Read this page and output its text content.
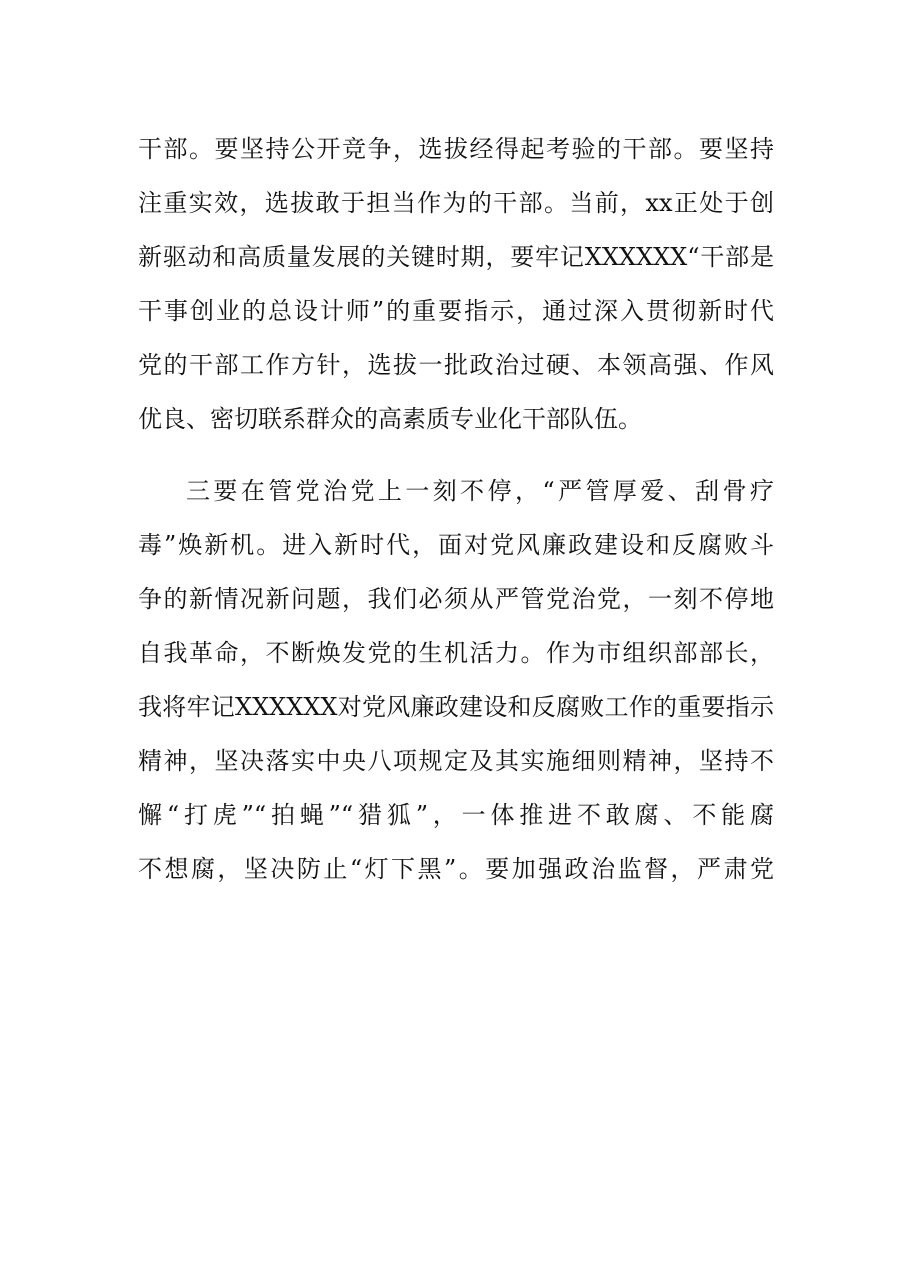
干部。要坚持公开竞争，选拔经得起考验的干部。要坚持
注重实效，选拔敢于担当作为的干部。当前，xx正处于创
新驱动和高质量发展的关键时期，要牢记XXXXXX“干部是
干事创业的总设计师”的重要指示，通过深入贯彻新时代
党的干部工作方针，选拔一批政治过硬、本领高强、作风
优良、密切联系群众的高素质专业化干部队伍。
三要在管党治党上一刻不停，“严管厚爱、刮骨疗
毒”焕新机。进入新时代，面对党风廉政建设和反腐败斗
争的新情况新问题，我们必须从严管党治党，一刻不停地
自我革命，不断焕发党的生机活力。作为市组织部部长，
我将牢记XXXXXX对党风廉政建设和反腐败工作的重要指示
精神，坚决落实中央八项规定及其实施细则精神，坚持不
懈“打虎”“拍蝇”“猎狐”，一体推进不敢腐、不能腐
不想腐，坚决防止“灯下黑”。要加强政治监督，严肃党
